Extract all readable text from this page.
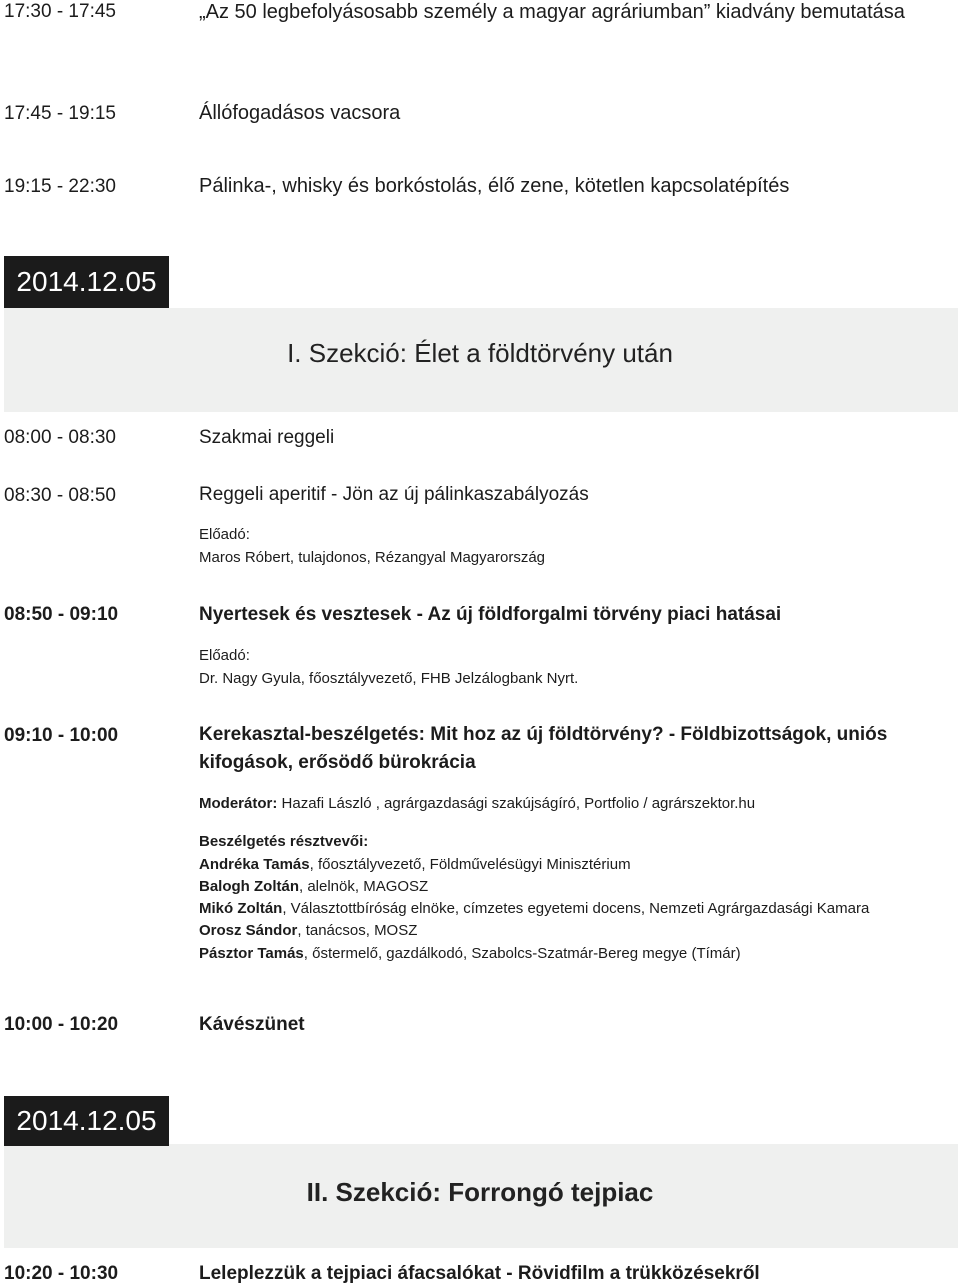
17:30 - 17:45	„Az 50 legbefolyásosabb személy a magyar agráriumban” kiadvány bemutatása
17:45 - 19:15	Állófogadásos vacsora
19:15 - 22:30	Pálinka-, whisky és borkóstolás, élő zene, kötetlen kapcsolatépítés
2014.12.05
I. Szekció: Élet a földtörvény után
08:00 - 08:30	Szakmai reggeli
08:30 - 08:50	Reggeli aperitif - Jön az új pálinkaszabályozás
Előadó:
Maros Róbert, tulajdonos, Rézangyal Magyarország
08:50 - 09:10	Nyertesek és vesztesek - Az új földforgalmi törvény piaci hatásai
Előadó:
Dr. Nagy Gyula, főosztályvezető, FHB Jelzálogbank Nyrt.
09:10 - 10:00	Kerekasztal-beszélgetés: Mit hoz az új földtörvény? - Földbizottságok, uniós
kifogások, erősödő bürokrácia
Moderátor: Hazafi László , agrárgazdasági szakújságíró, Portfolio / agrárszektor.hu
Beszélgetés résztvevői:
Andréka Tamás, főosztályvezető, Földművelésügyi Minisztérium
Balogh Zoltán, alelnök, MAGOSZ
Mikó Zoltán, Választottbíróság elnöke, címzetes egyetemi docens, Nemzeti Agrárgazdasági Kamara
Orosz Sándor, tanácsos, MOSZ
Pásztor Tamás, őstermelő, gazdálkodó, Szabolcs-Szatmár-Bereg megye (Tímár)
10:00 - 10:20	Kávészünet
2014.12.05
II. Szekció: Forrongó tejpiac
10:20 - 10:30	Leleplezzük a tejpiaci áfacsalókat - Rövidfilm a trükközésekről
